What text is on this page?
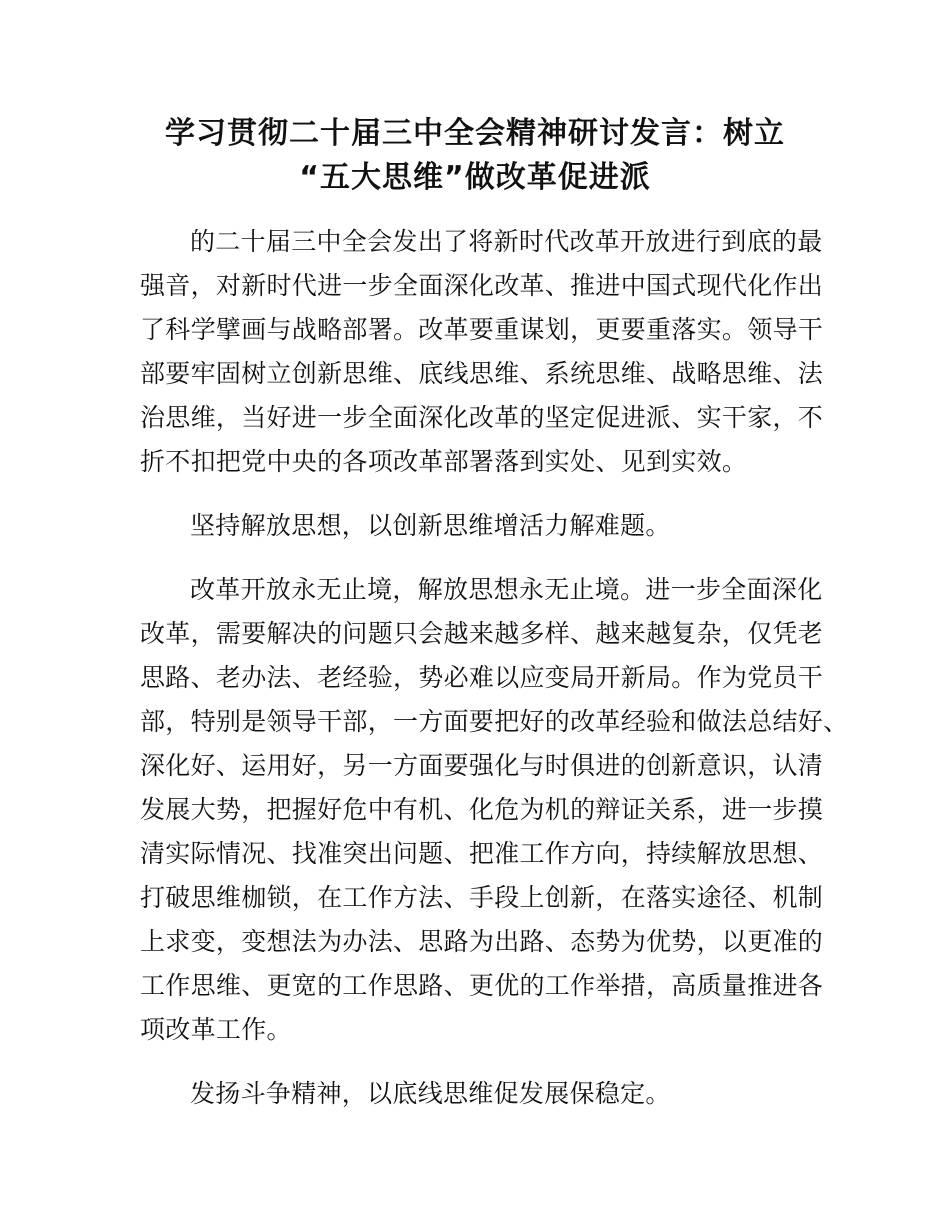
学习贯彻二十届三中全会精神研讨发言：树立
“五大思维”做改革促进派
的二十届三中全会发出了将新时代改革开放进行到底的最
强音，对新时代进一步全面深化改革、推进中国式现代化作出
了科学擘画与战略部署。改革要重谋划，更要重落实。领导干
部要牢固树立创新思维、底线思维、系统思维、战略思维、法
治思维，当好进一步全面深化改革的坚定促进派、实干家，不
折不扣把党中央的各项改革部署落到实处、见到实效。
坚持解放思想，以创新思维增活力解难题。
改革开放永无止境，解放思想永无止境。进一步全面深化
改革，需要解决的问题只会越来越多样、越来越复杂，仅凭老
思路、老办法、老经验，势必难以应变局开新局。作为党员干
部，特别是领导干部，一方面要把好的改革经验和做法总结好、
深化好、运用好，另一方面要强化与时俱进的创新意识，认清
发展大势，把握好危中有机、化危为机的辩证关系，进一步摸
清实际情况、找准突出问题、把准工作方向，持续解放思想、
打破思维枷锁，在工作方法、手段上创新，在落实途径、机制
上求变，变想法为办法、思路为出路、态势为优势，以更准的
工作思维、更宽的工作思路、更优的工作举措，高质量推进各
项改革工作。
发扬斗争精神，以底线思维促发展保稳定。
